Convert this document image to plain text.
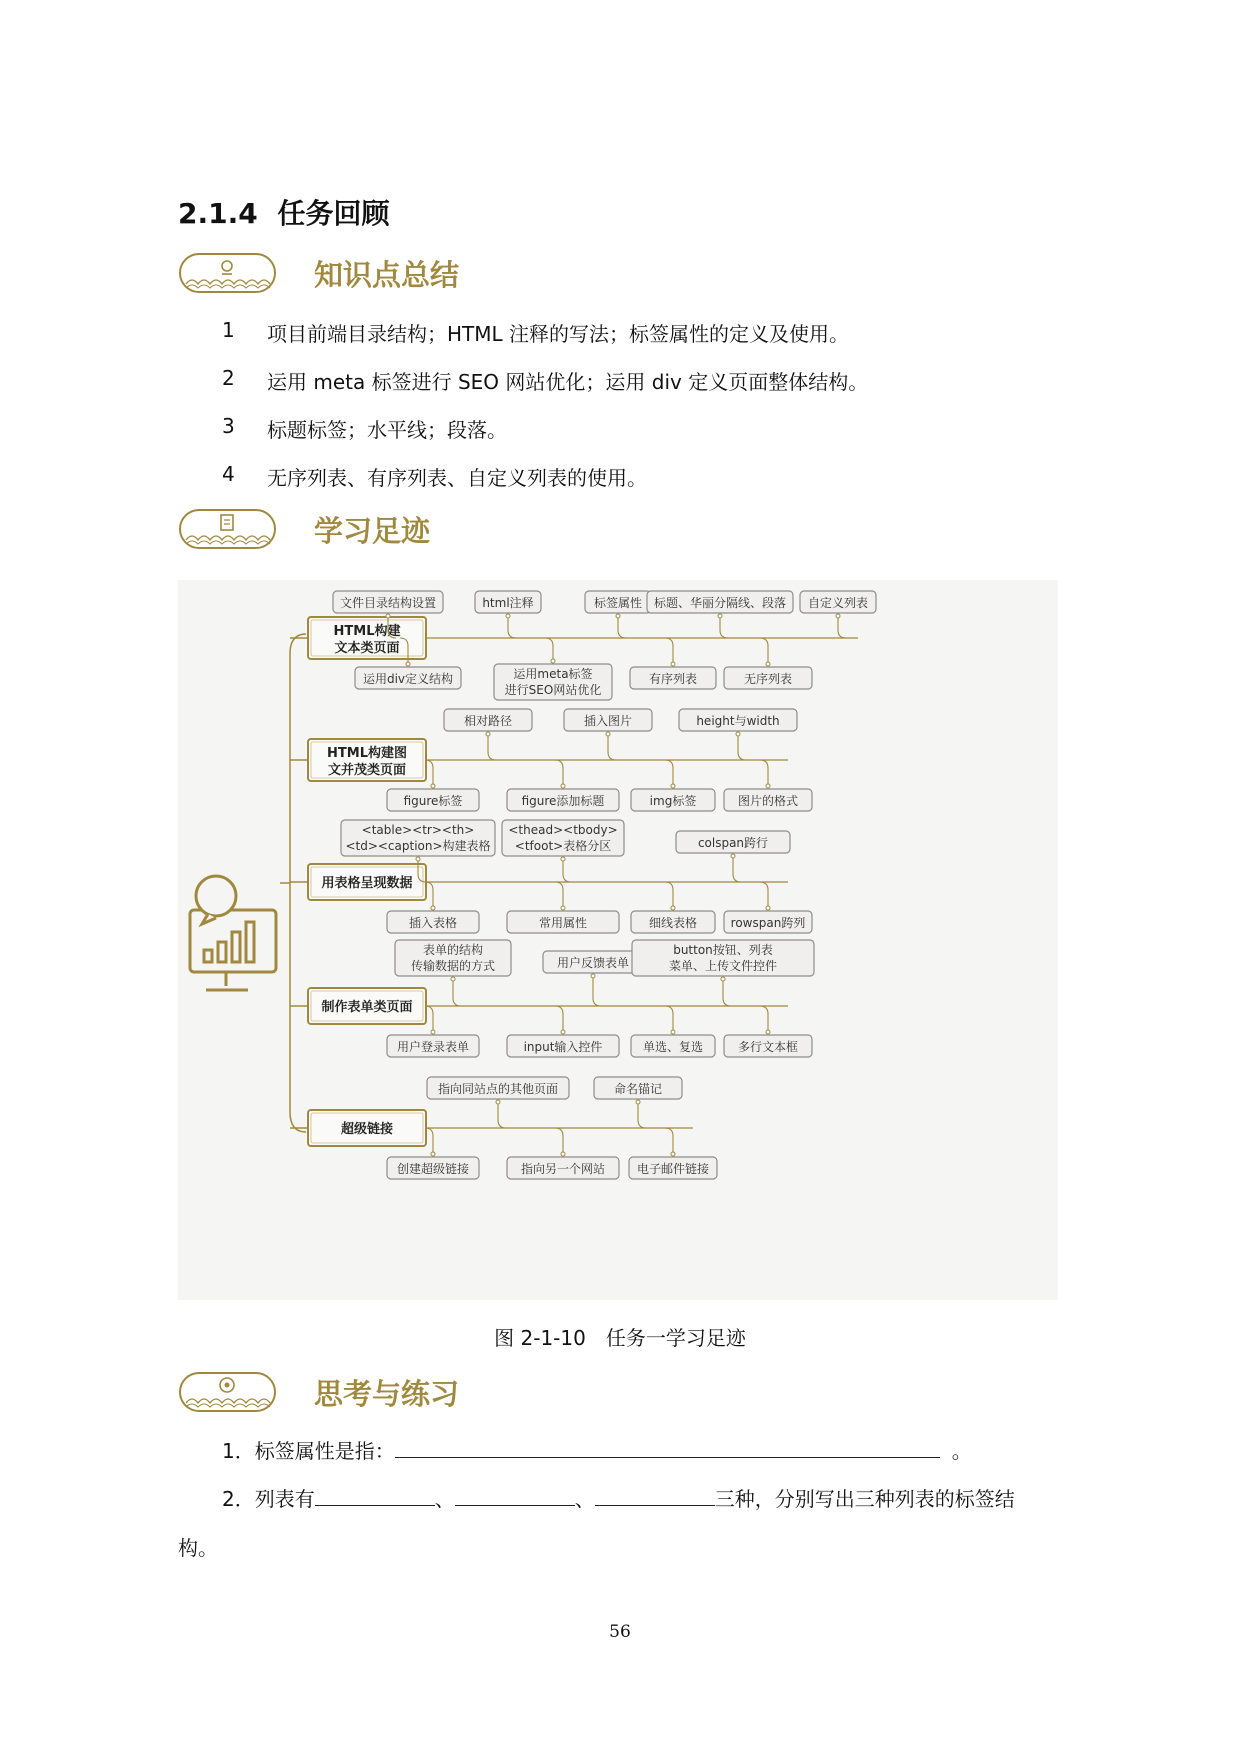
2.1.4 任务回顾
知识点总结
1 项目前端目录结构；HTML 注释的写法；标签属性的定义及使用。
2 运用 meta 标签进行 SEO 网站优化；运用 div 定义页面整体结构。
3 标题标签；水平线；段落。
4 无序列表、有序列表、自定义列表的使用。
学习足迹
HTML构建
文本类页面
文件目录结构设置	html注释	标签属性 标题、华丽分隔线、段落 自定义列表
运用div定义结构	运用meta标签
进行SEO网站优化
有序列表	无序列表
HTML构建图
文并茂类页面
相对路径	插入图片	height与width
figure标签	figure添加标题	img标签	图片的格式
用表格呈现数据
<table><tr><th>
<td><caption>构建表格
<thead><tbody>
<tfoot>表格分区	colspan跨行
插入表格	常用属性	细线表格	rowspan跨列
制作表单类页面
表单的结构
传输数据的方式	用户反馈表单
button按钮、列表
菜单、上传文件控件
用户登录表单	input输入控件	单选、复选	多行文本框
超级链接
指向同站点的其他页面	命名锚记
创建超级链接	指向另一个网站	电子邮件链接
图 2-1-10　任务一学习足迹
思考与练习
1．标签属性是指：	。
2．列表有	、	、	三种，分别写出三种列表的标签结
构。
56
